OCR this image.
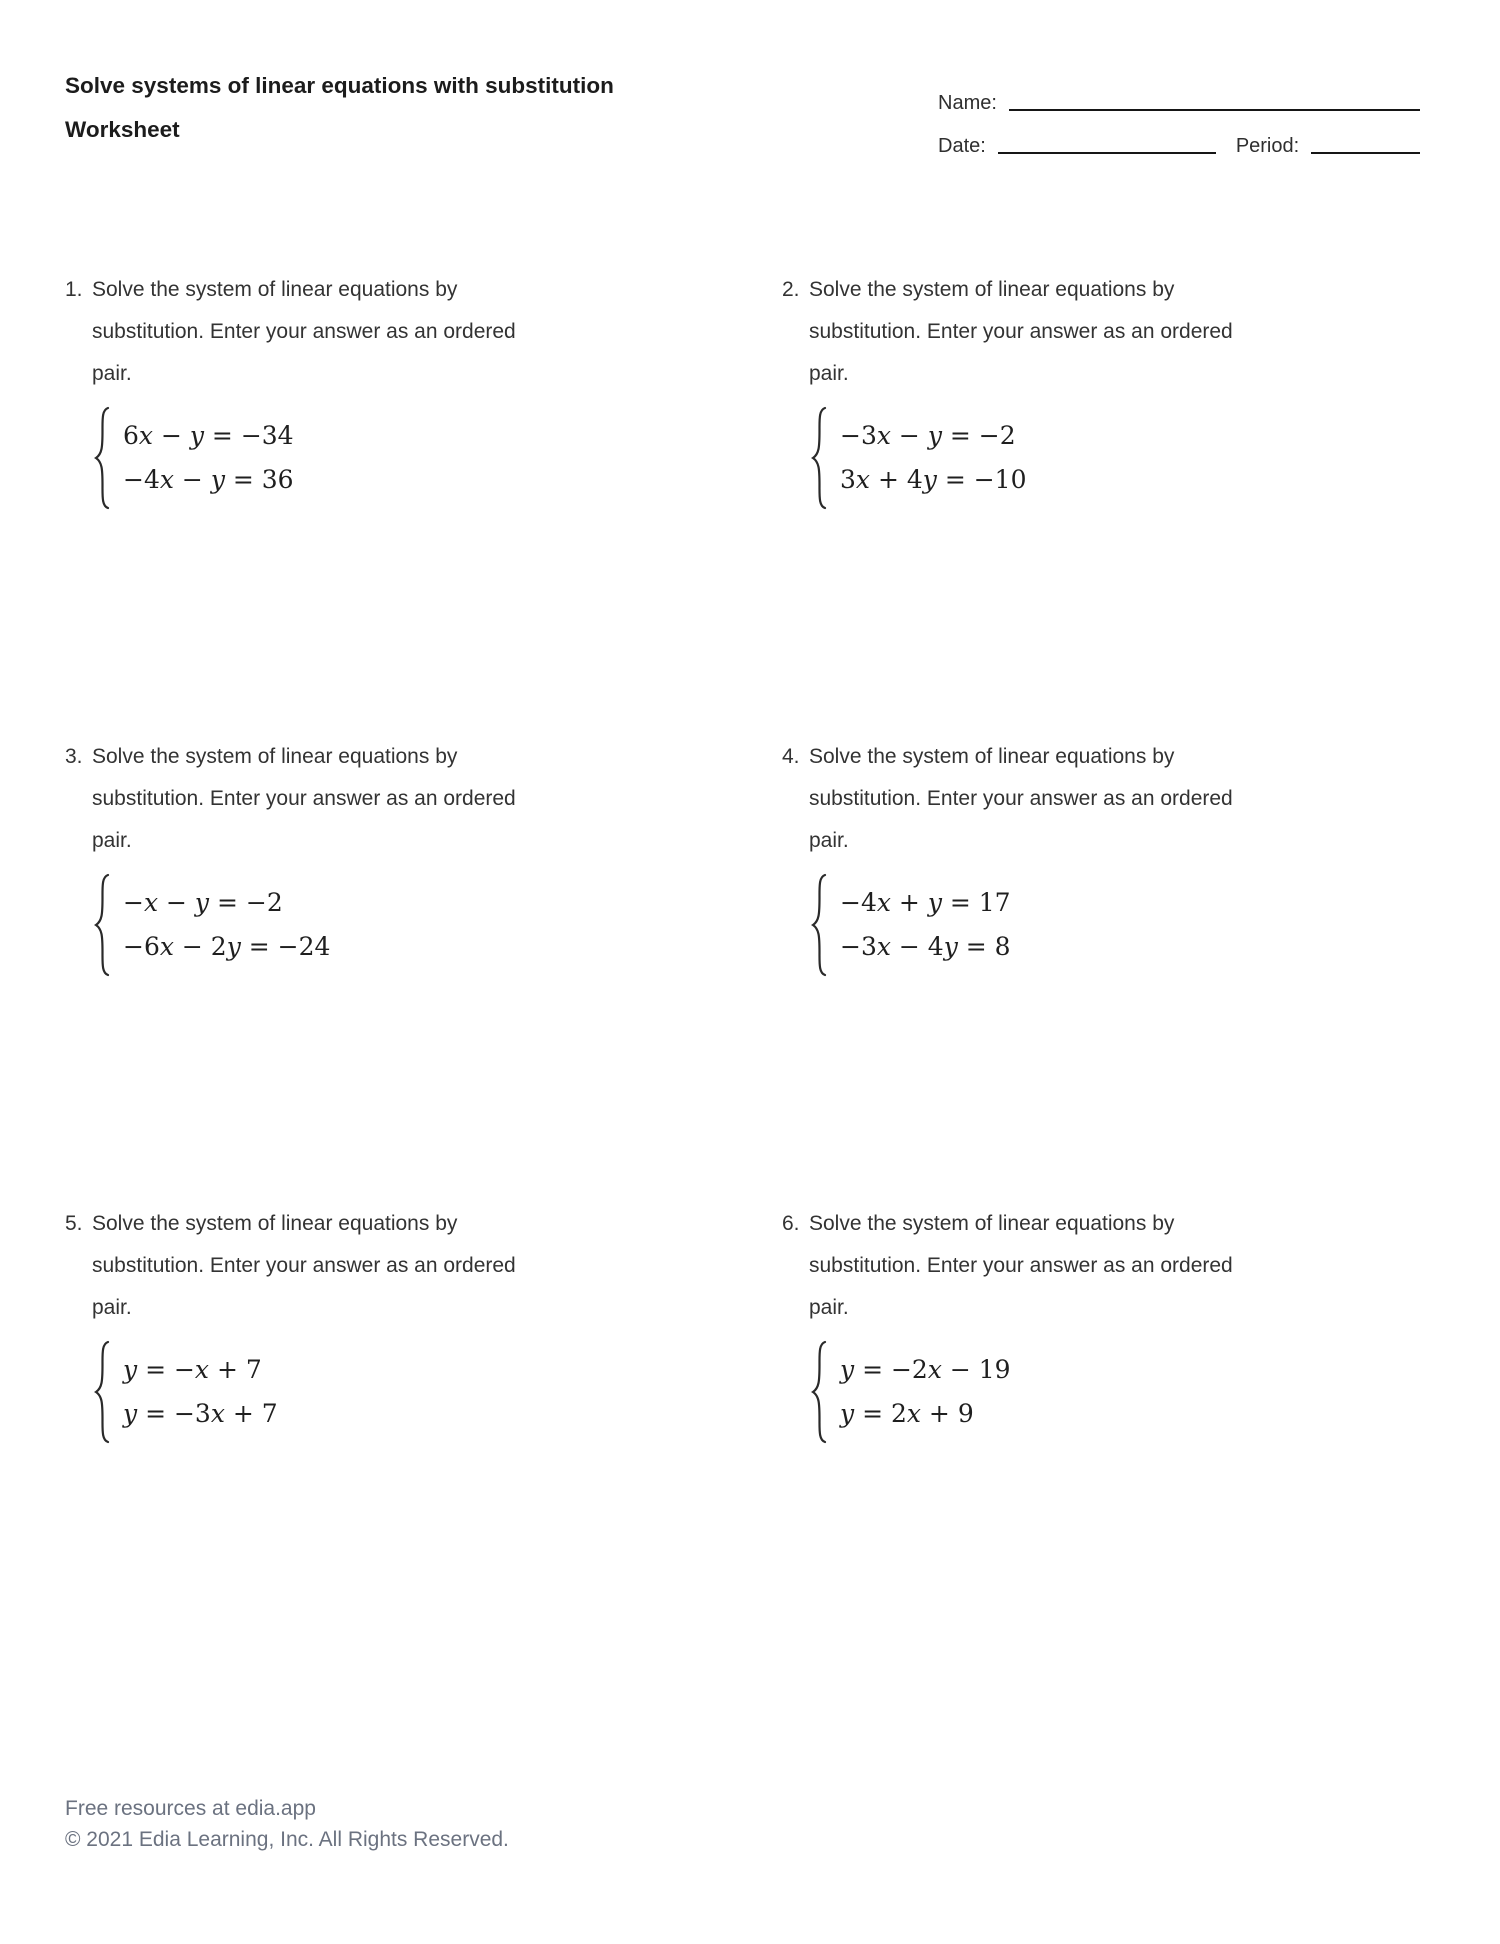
Solve systems of linear equations with substitution
Worksheet
Name:
Date:	Period:
1. Solve the system of linear equations by
substitution. Enter your answer as an ordered
pair.
6x − y = −34
−4x − y = 36
2. Solve the system of linear equations by
substitution. Enter your answer as an ordered
pair.
−3x − y = −2
3x + 4y = −10
3. Solve the system of linear equations by
substitution. Enter your answer as an ordered
pair.
−x − y = −2
−6x − 2y = −24
4. Solve the system of linear equations by
substitution. Enter your answer as an ordered
pair.
−4x + y = 17
−3x − 4y = 8
5. Solve the system of linear equations by
substitution. Enter your answer as an ordered
pair.
y = −x + 7
y = −3x + 7
6. Solve the system of linear equations by
substitution. Enter your answer as an ordered
pair.
y = −2x − 19
y = 2x + 9
Free resources at edia.app
© 2021 Edia Learning, Inc. All Rights Reserved.
